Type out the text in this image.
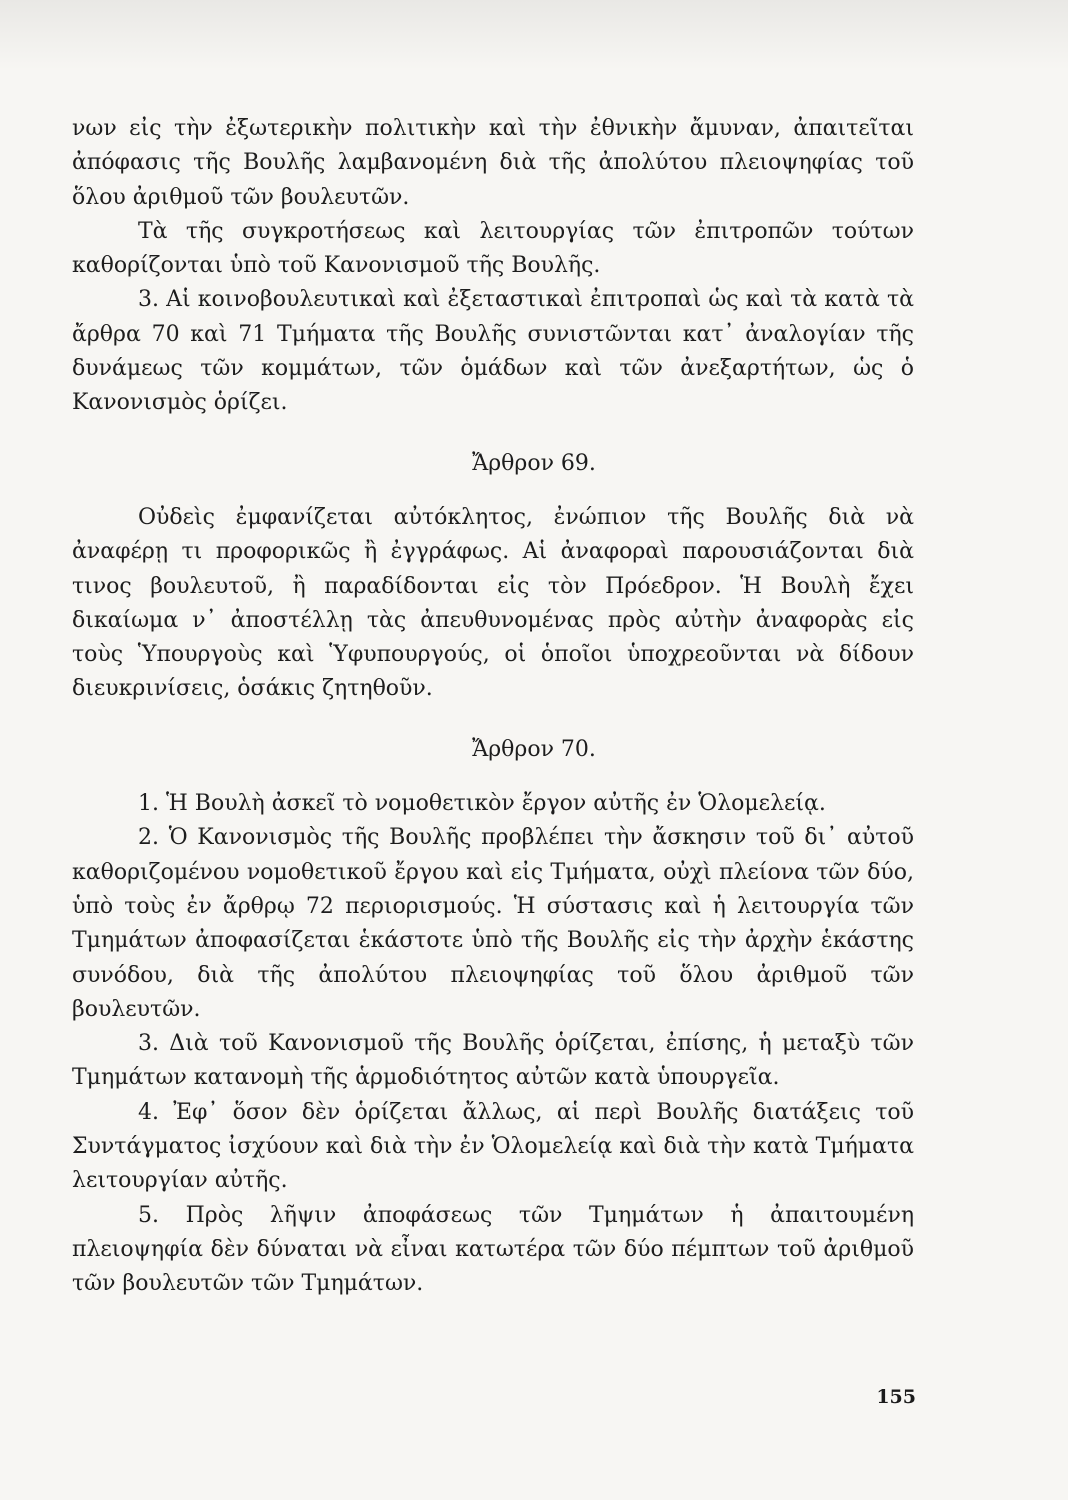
νων εἰς τὴν ἐξωτερικὴν πολιτικὴν καὶ τὴν ἐθνικὴν ἄμυναν, ἀπαιτεῖται ἀπόφασις τῆς Βουλῆς λαμβανομένη διὰ τῆς ἀπολύτου πλειοψηφίας τοῦ ὅλου ἀριθμοῦ τῶν βουλευτῶν.

Τὰ τῆς συγκροτήσεως καὶ λειτουργίας τῶν ἐπιτροπῶν τούτων καθορίζονται ὑπὸ τοῦ Κανονισμοῦ τῆς Βουλῆς.

3. Αἱ κοινοβουλευτικαὶ καὶ ἐξεταστικαὶ ἐπιτροπαὶ ὡς καὶ τὰ κατὰ τὰ ἄρθρα 70 καὶ 71 Τμήματα τῆς Βουλῆς συνιστῶνται κατ᾽ ἀναλογίαν τῆς δυνάμεως τῶν κομμάτων, τῶν ὁμάδων καὶ τῶν ἀνεξαρτήτων, ὡς ὁ Κανονισμὸς ὁρίζει.

Ἄρθρον 69.

Οὐδεὶς ἐμφανίζεται αὐτόκλητος, ἐνώπιον τῆς Βουλῆς διὰ νὰ ἀναφέρῃ τι προφορικῶς ἢ ἐγγράφως. Αἱ ἀναφοραὶ παρουσιάζονται διὰ τινος βουλευτοῦ, ἢ παραδίδονται εἰς τὸν Πρόεδρον. Ἡ Βουλὴ ἔχει δικαίωμα ν᾽ ἀποστέλλῃ τὰς ἀπευθυνομένας πρὸς αὐτὴν ἀναφορὰς εἰς τοὺς Ὑπουργοὺς καὶ Ὑφυπουργούς, οἱ ὁποῖοι ὑποχρεοῦνται νὰ δίδουν διευκρινίσεις, ὁσάκις ζητηθοῦν.

Ἄρθρον 70.

1. Ἡ Βουλὴ ἀσκεῖ τὸ νομοθετικὸν ἔργον αὐτῆς ἐν Ὁλομελείᾳ.

2. Ὁ Κανονισμὸς τῆς Βουλῆς προβλέπει τὴν ἄσκησιν τοῦ δι᾽ αὐτοῦ καθοριζομένου νομοθετικοῦ ἔργου καὶ εἰς Τμήματα, οὐχὶ πλείονα τῶν δύο, ὑπὸ τοὺς ἐν ἄρθρῳ 72 περιορισμούς. Ἡ σύστασις καὶ ἡ λειτουργία τῶν Τμημάτων ἀποφασίζεται ἑκάστοτε ὑπὸ τῆς Βουλῆς εἰς τὴν ἀρχὴν ἑκάστης συνόδου, διὰ τῆς ἀπολύτου πλειοψηφίας τοῦ ὅλου ἀριθμοῦ τῶν βουλευτῶν.

3. Διὰ τοῦ Κανονισμοῦ τῆς Βουλῆς ὁρίζεται, ἐπίσης, ἡ μεταξὺ τῶν Τμημάτων κατανομὴ τῆς ἁρμοδιότητος αὐτῶν κατὰ ὑπουργεῖα.

4. Ἐφ᾽ ὅσον δὲν ὁρίζεται ἄλλως, αἱ περὶ Βουλῆς διατάξεις τοῦ Συντάγματος ἰσχύουν καὶ διὰ τὴν ἐν Ὁλομελείᾳ καὶ διὰ τὴν κατὰ Τμήματα λειτουργίαν αὐτῆς.

5. Πρὸς λῆψιν ἀποφάσεως τῶν Τμημάτων ἡ ἀπαιτουμένη πλειοψηφία δὲν δύναται νὰ εἶναι κατωτέρα τῶν δύο πέμπτων τοῦ ἀριθμοῦ τῶν βουλευτῶν τῶν Τμημάτων.

155
